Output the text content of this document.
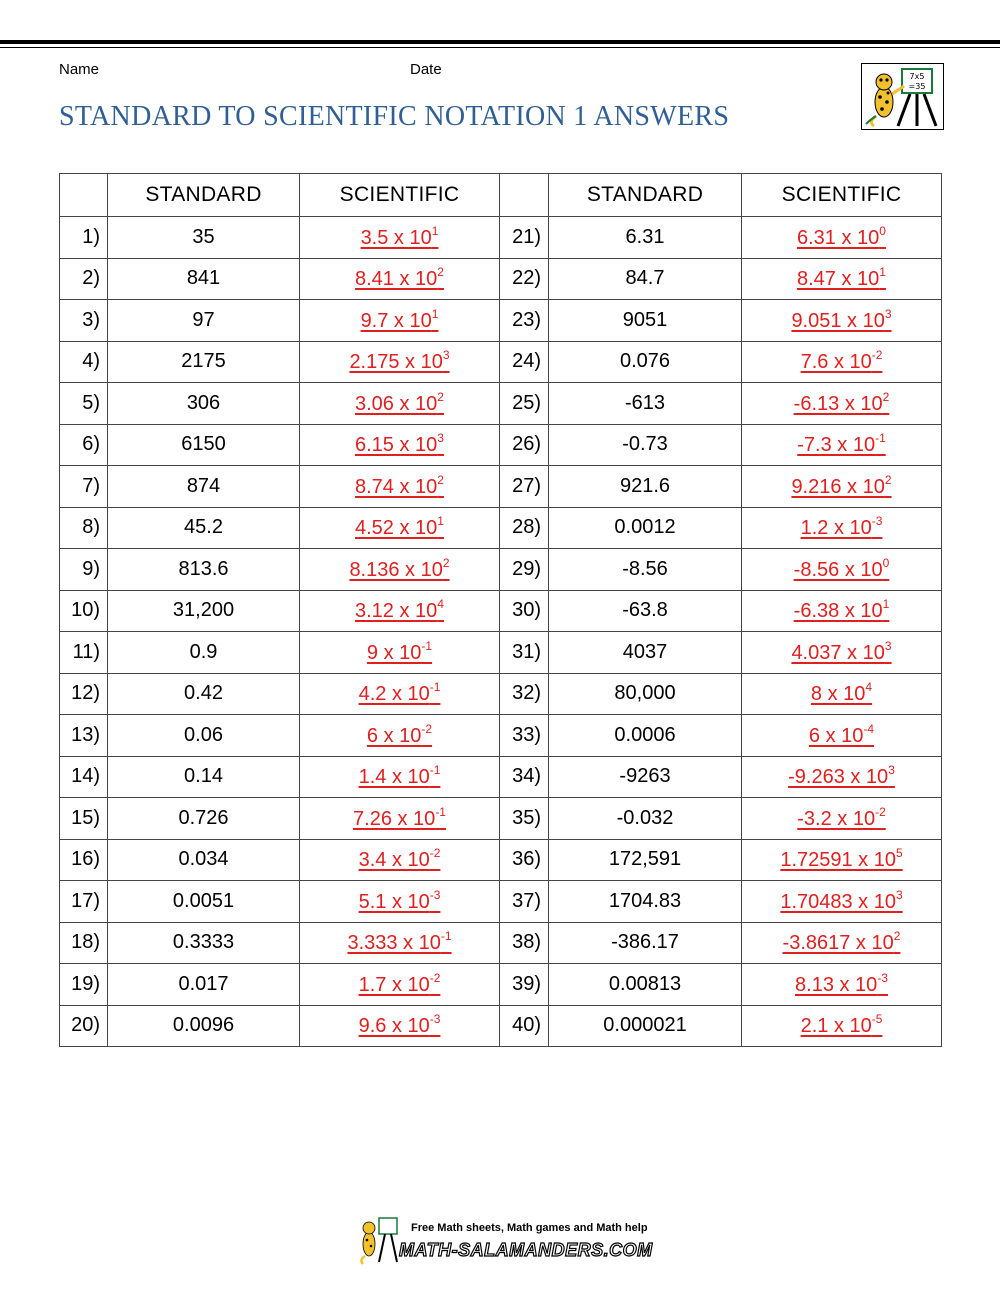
Name	Date
STANDARD TO SCIENTIFIC NOTATION 1 ANSWERS
7x5
=35
	STANDARD	SCIENTIFIC		STANDARD	SCIENTIFIC
1)	35	3.5 x $10^1$	21)	6.31	6.31 x $10^0$
2)	841	8.41 x $10^2$	22)	84.7	8.47 x $10^1$
3)	97	9.7 x $10^1$	23)	9051	9.051 x $10^3$
4)	2175	2.175 x $10^3$	24)	0.076	7.6 x $10^{-2}$
5)	306	3.06 x $10^2$	25)	-613	-6.13 x $10^2$
6)	6150	6.15 x $10^3$	26)	-0.73	-7.3 x $10^{-1}$
7)	874	8.74 x $10^2$	27)	921.6	9.216 x $10^2$
8)	45.2	4.52 x $10^1$	28)	0.0012	1.2 x $10^{-3}$
9)	813.6	8.136 x $10^2$	29)	-8.56	-8.56 x $10^0$
10)	31,200	3.12 x $10^4$	30)	-63.8	-6.38 x $10^1$
11)	0.9	9 x $10^{-1}$	31)	4037	4.037 x $10^3$
12)	0.42	4.2 x $10^{-1}$	32)	80,000	8 x $10^4$
13)	0.06	6 x $10^{-2}$	33)	0.0006	6 x $10^{-4}$
14)	0.14	1.4 x $10^{-1}$	34)	-9263	-9.263 x $10^3$
15)	0.726	7.26 x $10^{-1}$	35)	-0.032	-3.2 x $10^{-2}$
16)	0.034	3.4 x $10^{-2}$	36)	172,591	1.72591 x $10^5$
17)	0.0051	5.1 x $10^{-3}$	37)	1704.83	1.70483 x $10^3$
18)	0.3333	3.333 x $10^{-1}$	38)	-386.17	-3.8617 x $10^2$
19)	0.017	1.7 x $10^{-2}$	39)	0.00813	8.13 x $10^{-3}$
20)	0.0096	9.6 x $10^{-3}$	40)	0.000021	2.1 x $10^{-5}$
Free Math sheets, Math games and Math help
MATH-SALAMANDERS.COM
